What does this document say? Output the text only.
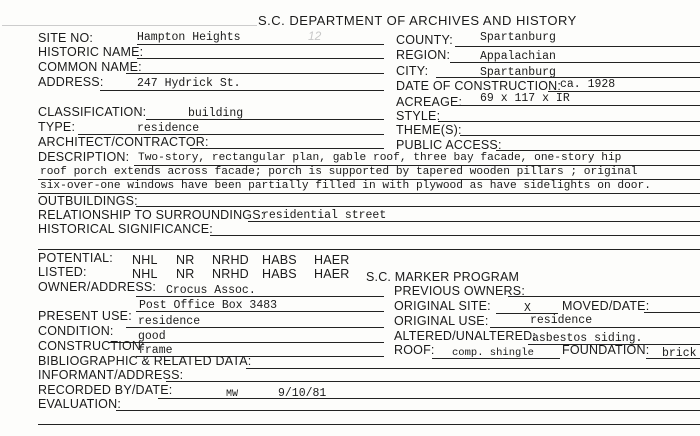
S.C. DEPARTMENT OF ARCHIVES AND HISTORY
12
SITE NO:	Hampton Heights
HISTORIC NAME:
COMMON NAME:
ADDRESS:	247 Hydrick St.
CLASSIFICATION:	building
TYPE:	residence
ARCHITECT/CONTRACTOR:
COUNTY: Spartanburg
REGION:	Appalachian
CITY:	Spartanburg
DATE OF CONSTRUCTION:
ca. 1928
ACREAGE: 69 x 117 x IR
STYLE:
THEME(S):
PUBLIC ACCESS:
DESCRIPTION: Two-story, rectangular plan, gable roof, three bay facade, one-story hip
roof porch extends across facade; porch is supported by tapered wooden pillars ; original
six-over-one windows have been partially filled in with plywood as have sidelights on door.
OUTBUILDINGS:
RELATIONSHIP TO SURROUNDINGS:
residential street
HISTORICAL SIGNIFICANCE:
POTENTIAL: NHL NR NRHD HABS HAER
LISTED:	NHL NR NRHD HABS HAER S.C. MARKER PROGRAM
OWNER/ADDRESS: Crocus Assoc.
Post Office Box 3483
PREVIOUS OWNERS:
ORIGINAL SITE:	X MOVED/DATE:
PRESENT USE: residence	ORIGINAL USE:	residence
CONDITION: good	ALTERED/UNALTERED:
asbestos siding.
CONSTRUCTION:
frame	ROOF: comp. shingle FOUNDATION: brick
BIBLIOGRAPHIC & RELATED DATA:
INFORMANT/ADDRESS:
RECORDED BY/DATE:	MW	9/10/81
EVALUATION:
